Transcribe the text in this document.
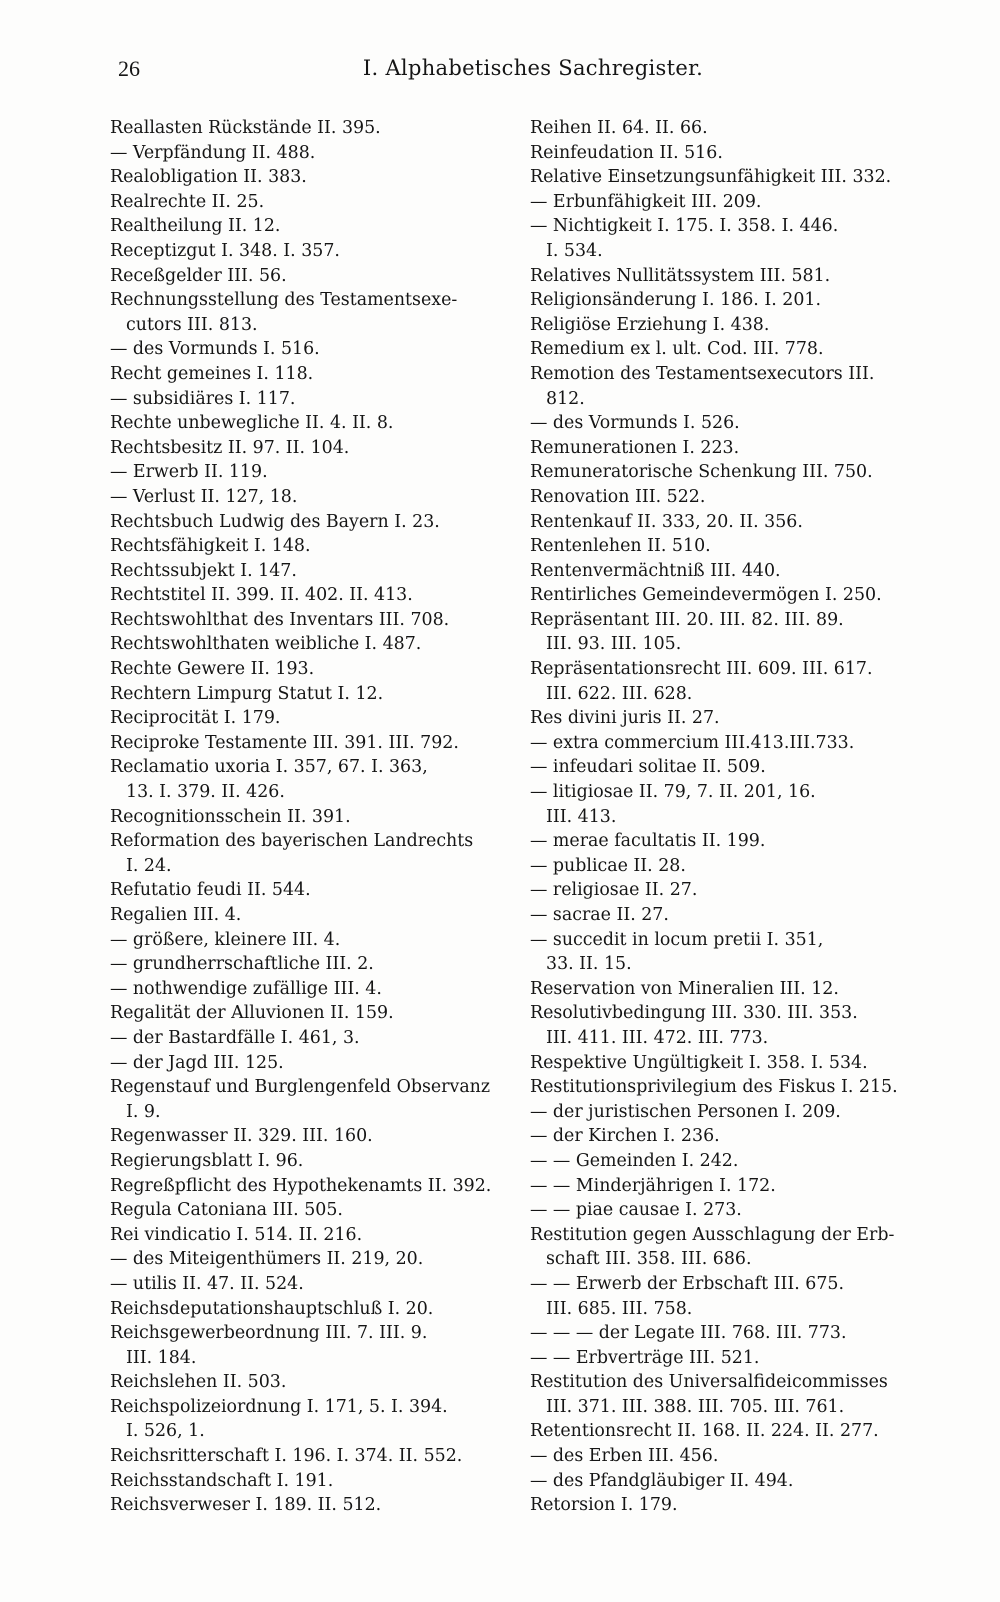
26	I. Alphabetisches Sachregister.
Reallasten Rückstände II. 395.
— Verpfändung II. 488.
Realobligation II. 383.
Realrechte II. 25.
Realtheilung II. 12.
Receptizgut I. 348. I. 357.
Receßgelder III. 56.
Rechnungsstellung des Testamentsexe-
cutors III. 813.
— des Vormunds I. 516.
Recht gemeines I. 118.
— subsidiäres I. 117.
Rechte unbewegliche II. 4. II. 8.
Rechtsbesitz II. 97. II. 104.
— Erwerb II. 119.
— Verlust II. 127, 18.
Rechtsbuch Ludwig des Bayern I. 23.
Rechtsfähigkeit I. 148.
Rechtssubjekt I. 147.
Rechtstitel II. 399. II. 402. II. 413.
Rechtswohlthat des Inventars III. 708.
Rechtswohlthaten weibliche I. 487.
Rechte Gewere II. 193.
Rechtern Limpurg Statut I. 12.
Reciprocität I. 179.
Reciproke Testamente III. 391. III. 792.
Reclamatio uxoria I. 357, 67. I. 363,
13. I. 379. II. 426.
Recognitionsschein II. 391.
Reformation des bayerischen Landrechts
I. 24.
Refutatio feudi II. 544.
Regalien III. 4.
— größere, kleinere III. 4.
— grundherrschaftliche III. 2.
— nothwendige zufällige III. 4.
Regalität der Alluvionen II. 159.
— der Bastardfälle I. 461, 3.
— der Jagd III. 125.
Regenstauf und Burglengenfeld Observanz
I. 9.
Regenwasser II. 329. III. 160.
Regierungsblatt I. 96.
Regreßpflicht des Hypothekenamts II. 392.
Regula Catoniana III. 505.
Rei vindicatio I. 514. II. 216.
— des Miteigenthümers II. 219, 20.
— utilis II. 47. II. 524.
Reichsdeputationshauptschluß I. 20.
Reichsgewerbeordnung III. 7. III. 9.
III. 184.
Reichslehen II. 503.
Reichspolizeiordnung I. 171, 5. I. 394.
I. 526, 1.
Reichsritterschaft I. 196. I. 374. II. 552.
Reichsstandschaft I. 191.
Reichsverweser I. 189. II. 512.
Reihen II. 64. II. 66.
Reinfeudation II. 516.
Relative Einsetzungsunfähigkeit III. 332.
— Erbunfähigkeit III. 209.
— Nichtigkeit I. 175. I. 358. I. 446.
I. 534.
Relatives Nullitätssystem III. 581.
Religionsänderung I. 186. I. 201.
Religiöse Erziehung I. 438.
Remedium ex l. ult. Cod. III. 778.
Remotion des Testamentsexecutors III.
812.
— des Vormunds I. 526.
Remunerationen I. 223.
Remuneratorische Schenkung III. 750.
Renovation III. 522.
Rentenkauf II. 333, 20. II. 356.
Rentenlehen II. 510.
Rentenvermächtniß III. 440.
Rentirliches Gemeindevermögen I. 250.
Repräsentant III. 20. III. 82. III. 89.
III. 93. III. 105.
Repräsentationsrecht III. 609. III. 617.
III. 622. III. 628.
Res divini juris II. 27.
— extra commercium III.413.III.733.
— infeudari solitae II. 509.
— litigiosae II. 79, 7. II. 201, 16.
III. 413.
— merae facultatis II. 199.
— publicae II. 28.
— religiosae II. 27.
— sacrae II. 27.
— succedit in locum pretii I. 351,
33. II. 15.
Reservation von Mineralien III. 12.
Resolutivbedingung III. 330. III. 353.
III. 411. III. 472. III. 773.
Respektive Ungültigkeit I. 358. I. 534.
Restitutionsprivilegium des Fiskus I. 215.
— der juristischen Personen I. 209.
— der Kirchen I. 236.
— — Gemeinden I. 242.
— — Minderjährigen I. 172.
— — piae causae I. 273.
Restitution gegen Ausschlagung der Erb-
schaft III. 358. III. 686.
— — Erwerb der Erbschaft III. 675.
III. 685. III. 758.
— — — der Legate III. 768. III. 773.
— — Erbverträge III. 521.
Restitution des Universalfideicommisses
III. 371. III. 388. III. 705. III. 761.
Retentionsrecht II. 168. II. 224. II. 277.
— des Erben III. 456.
— des Pfandgläubiger II. 494.
Retorsion I. 179.
